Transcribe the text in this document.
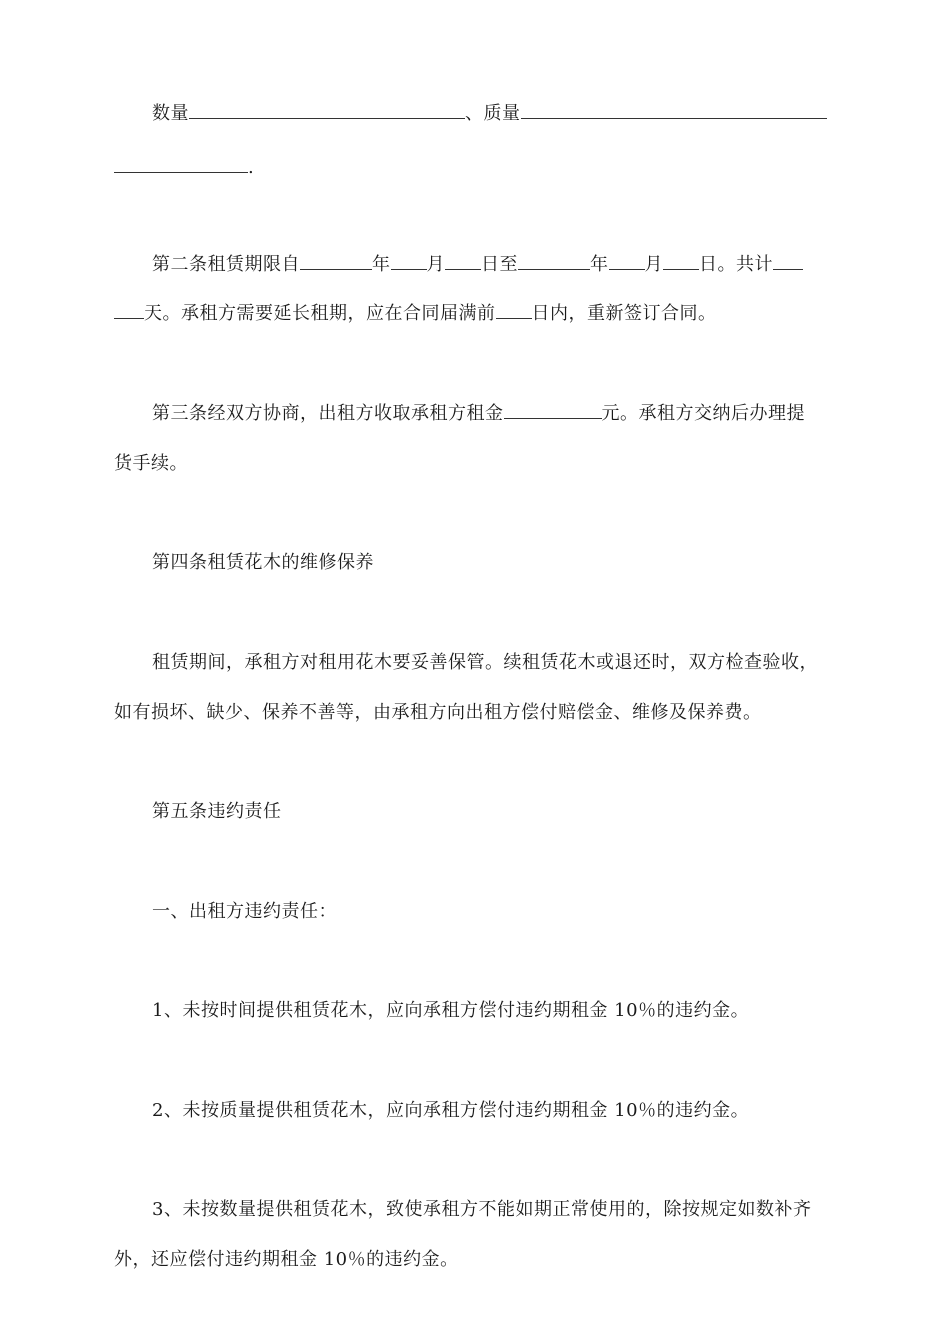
数量	、质量
.
第二条租赁期限自	年 月 日至	年 月 日。共计
天。承租方需要延长租期，应在合同届满前 日内，重新签订合同。
第三条经双方协商，出租方收取承租方租金	元。承租方交纳后办理提
货手续。
第四条租赁花木的维修保养
租赁期间，承租方对租用花木要妥善保管。续租赁花木或退还时，双方检查验收，
如有损坏、缺少、保养不善等，由承租方向出租方偿付赔偿金、维修及保养费。
第五条违约责任
一、出租方违约责任：
1、未按时间提供租赁花木，应向承租方偿付违约期租金 10％的违约金。
2、未按质量提供租赁花木，应向承租方偿付违约期租金 10％的违约金。
3、未按数量提供租赁花木，致使承租方不能如期正常使用的，除按规定如数补齐
外，还应偿付违约期租金 10％的违约金。
